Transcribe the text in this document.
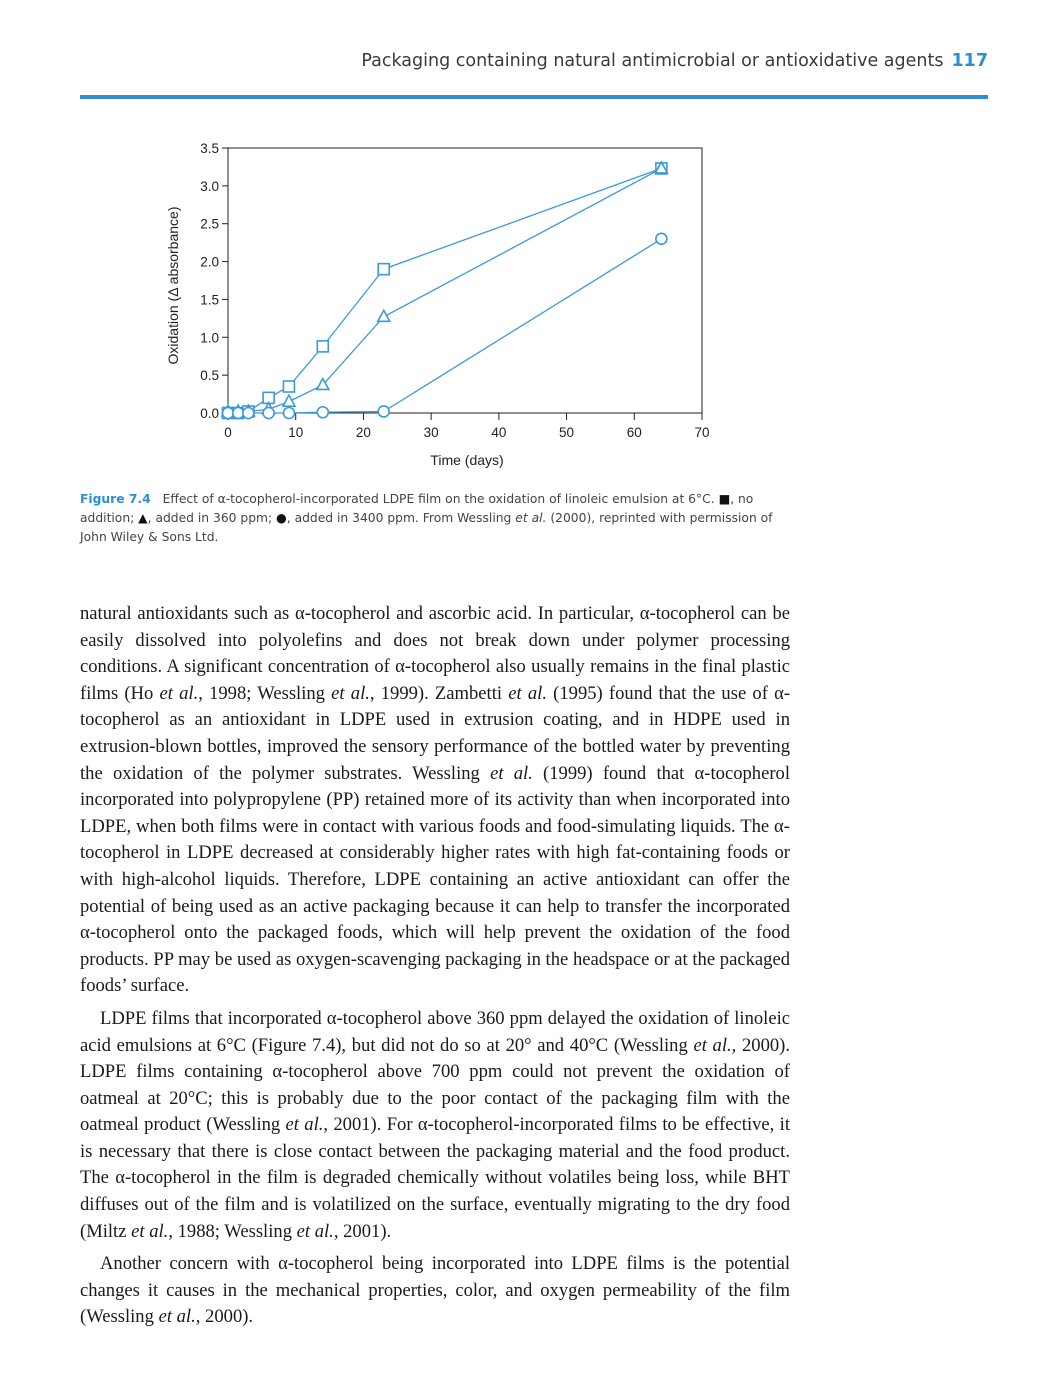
Packaging containing natural antimicrobial or antioxidative agents 117
0.0
0.5
1.0
1.5
2.0
2.5
3.0
3.5
0	10	20	30	40	50	60	70
Time (days)
Oxidation (Δ absorbance)
Figure 7.4 Effect of α-tocopherol-incorporated LDPE film on the oxidation of linoleic emulsion at 6°C. ■, no addition; ▲, added in 360 ppm; ●, added in 3400 ppm. From Wessling et al. (2000), reprinted with permission of John Wiley & Sons Ltd.

natural antioxidants such as α-tocopherol and ascorbic acid. In particular, α-tocopherol can be easily dissolved into polyolefins and does not break down under polymer processing conditions. A significant concentration of α-tocopherol also usually remains in the final plastic films (Ho et al., 1998; Wessling et al., 1999). Zambetti et al. (1995) found that the use of α-tocopherol as an antioxidant in LDPE used in extrusion coating, and in HDPE used in extrusion-blown bottles, improved the sensory performance of the bottled water by preventing the oxidation of the polymer substrates. Wessling et al. (1999) found that α-tocopherol incorporated into polypropylene (PP) retained more of its activity than when incorporated into LDPE, when both films were in contact with various foods and food-simulating liquids. The α-tocopherol in LDPE decreased at considerably higher rates with high fat-containing foods or with high-alcohol liquids. Therefore, LDPE containing an active antioxidant can offer the potential of being used as an active packaging because it can help to transfer the incorporated α-tocopherol onto the packaged foods, which will help prevent the oxidation of the food products. PP may be used as oxygen-scavenging packaging in the headspace or at the packaged foods’ surface.

LDPE films that incorporated α-tocopherol above 360 ppm delayed the oxidation of linoleic acid emulsions at 6°C (Figure 7.4), but did not do so at 20° and 40°C (Wessling et al., 2000). LDPE films containing α-tocopherol above 700 ppm could not prevent the oxidation of oatmeal at 20°C; this is probably due to the poor contact of the packaging film with the oatmeal product (Wessling et al., 2001). For α-tocopherol-incorporated films to be effective, it is necessary that there is close contact between the packaging material and the food product. The α-tocopherol in the film is degraded chemically without volatiles being loss, while BHT diffuses out of the film and is volatilized on the surface, eventually migrating to the dry food (Miltz et al., 1988; Wessling et al., 2001).

Another concern with α-tocopherol being incorporated into LDPE films is the potential changes it causes in the mechanical properties, color, and oxygen permeability of the film (Wessling et al., 2000).
